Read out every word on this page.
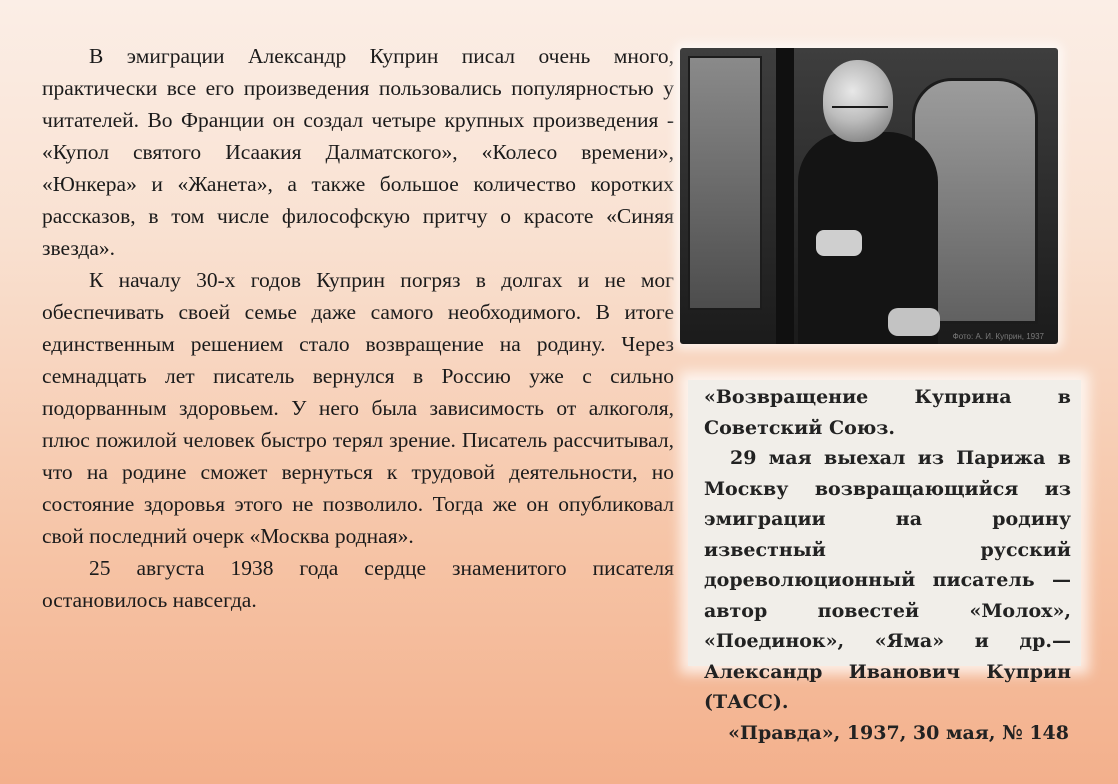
В эмиграции Александр Куприн писал очень много, практически все его произведения пользовались популярностью у читателей. Во Франции он создал четыре крупных произведения - «Купол святого Исаакия Далматского», «Колесо времени», «Юнкера» и «Жанета», а также большое количество коротких рассказов, в том числе философскую притчу о красоте «Синяя звезда».

К началу 30-х годов Куприн погряз в долгах и не мог обеспечивать своей семье даже самого необходимого. В итоге единственным решением стало возвращение на родину. Через семнадцать лет писатель вернулся в Россию уже с сильно подорванным здоровьем. У него была зависимость от алкоголя, плюс пожилой человек быстро терял зрение. Писатель рассчитывал, что на родине сможет вернуться к трудовой деятельности, но состояние здоровья этого не позволило. Тогда же он опубликовал свой последний очерк «Москва родная».

25 августа 1938 года сердце знаменитого писателя остановилось навсегда.

Фото: А. И. Куприн, 1937

«Возвращение Куприна в Советский Союз.

29 мая выехал из Парижа в Москву возвращающийся из эмиграции на родину известный русский дореволюционный писатель — автор повестей «Молох», «Поединок», «Яма» и др.— Александр Иванович Куприн (ТАСС).

«Правда», 1937, 30 мая, № 148
